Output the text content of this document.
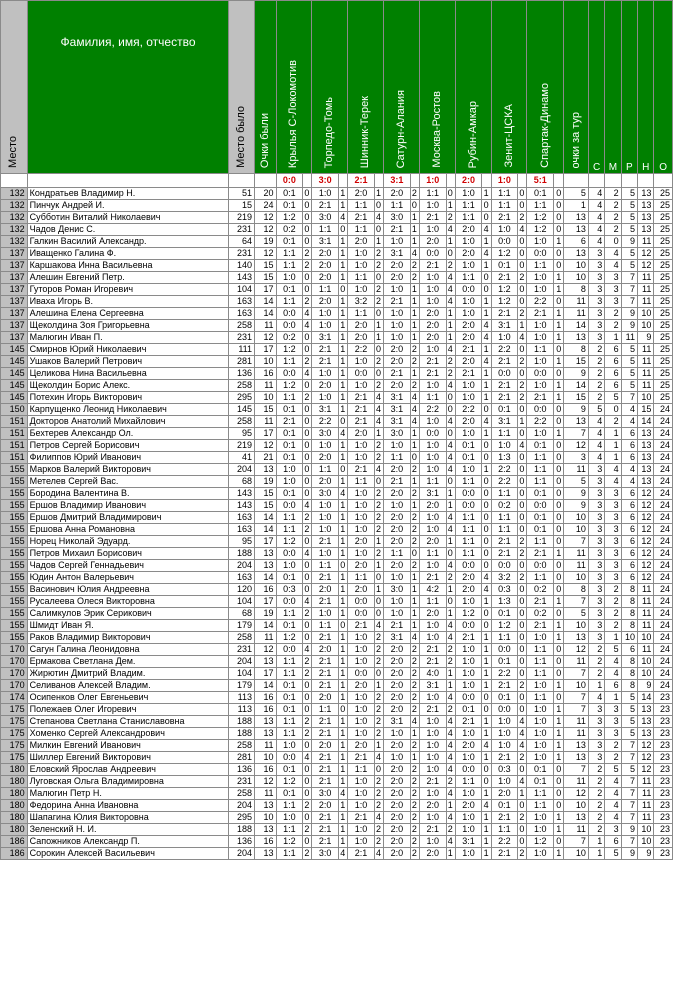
Место	Фамилия, имя, отчество	Место было	Очки были	Крылья С-Локомотив		Торпедо-Томь		Шинник-Терек		Сатурн-Алания		Москва-Ростов		Рубин-Амкар		Зенит-ЦСКА		Спартак-Динамо		очки за тур	С	М	Р	Н	О
				0:0		3:0		2:1		3:1		1:0		2:0		1:0		5:1							
132	Кондратьев Владимир Н.	51	20	0:1	0	1:0	1	2:0	1	2:0	2	1:1	0	1:0	1	1:1	0	0:1	0	5	4	2	5	13	25
132	Пинчук Андрей И.	15	24	0:1	0	2:1	1	1:1	0	1:1	0	1:0	1	1:1	0	1:1	0	1:1	0	1	4	2	5	13	25
132	Субботин Виталий Николаевич	219	12	1:2	0	3:0	4	2:1	4	3:0	1	2:1	2	1:1	0	2:1	2	1:2	0	13	4	2	5	13	25
132	Чадов Денис С.	231	12	0:2	0	1:1	0	1:1	0	2:1	1	1:0	4	2:0	4	1:0	4	1:2	0	13	4	2	5	13	25
132	Галкин Василий Александр.	64	19	0:1	0	3:1	1	2:0	1	1:0	1	2:0	1	1:0	1	0:0	0	1:0	1	6	4	0	9	11	25
137	Иващенко Галина Ф.	231	12	1:1	2	2:0	1	1:0	2	3:1	4	0:0	0	2:0	4	1:2	0	0:0	0	13	3	4	5	12	25
137	Каршакова Инна Васильевна	140	15	1:1	2	2:0	1	1:0	2	2:0	2	2:1	2	1:0	1	0:1	0	1:1	0	10	3	4	5	12	25
137	Алешин Евгений Петр.	143	15	1:0	0	2:0	1	1:1	0	2:0	2	1:0	4	1:1	0	2:1	2	1:0	1	10	3	3	7	11	25
137	Гуторов Роман Игоревич	104	17	0:1	0	1:1	0	1:0	2	1:0	1	1:0	4	0:0	0	1:2	0	1:0	1	8	3	3	7	11	25
137	Иваха Игорь В.	163	14	1:1	2	2:0	1	3:2	2	2:1	1	1:0	4	1:0	1	1:2	0	2:2	0	11	3	3	7	11	25
137	Алешина Елена Сергеевна	163	14	0:0	4	1:0	1	1:1	0	1:0	1	2:0	1	1:0	1	2:1	2	2:1	1	11	3	2	9	10	25
137	Щеколдина Зоя Григорьевна	258	11	0:0	4	1:0	1	2:0	1	1:0	1	2:0	1	2:0	4	3:1	1	1:0	1	14	3	2	9	10	25
137	Малюгин Иван П.	231	12	0:2	0	3:1	1	2:0	1	1:0	1	2:0	1	2:0	4	1:0	4	1:0	1	13	3	1	11	9	25
145	Смирнов Юрий Николаевич	111	17	1:2	0	2:1	1	2:2	0	2:0	2	1:0	4	2:1	1	2:2	0	1:1	0	8	2	6	5	11	25
145	Ушаков Валерий Петрович	281	10	1:1	2	2:1	1	1:0	2	2:0	2	2:1	2	2:0	4	2:1	2	1:0	1	15	2	6	5	11	25
145	Целикова Нина Васильевна	136	16	0:0	4	1:0	1	0:0	0	2:1	1	2:1	2	2:1	1	0:0	0	0:0	0	9	2	6	5	11	25
145	Щеколдин Борис Алекс.	258	11	1:2	0	2:0	1	1:0	2	2:0	2	1:0	4	1:0	1	2:1	2	1:0	1	14	2	6	5	11	25
145	Потехин Игорь Викторович	295	10	1:1	2	1:0	1	2:1	4	3:1	4	1:1	0	1:0	1	2:1	2	2:1	1	15	2	5	7	10	25
150	Карпущенко Леонид Николаевич	145	15	0:1	0	3:1	1	2:1	4	3:1	4	2:2	0	2:2	0	0:1	0	0:0	0	9	5	0	4	15	24
151	Докторов Анатолий Михайлович	258	11	2:1	0	2:2	0	2:1	4	3:1	4	1:0	4	2:0	4	3:1	1	2:2	0	13	4	2	4	14	24
151	Бехтерев Александр Ол.	95	17	0:1	0	3:0	4	2:0	1	3:0	1	0:0	0	1:0	1	1:1	0	1:0	1	7	4	1	6	13	24
151	Петров Сергей Борисович	219	12	0:1	0	1:0	1	1:0	2	1:0	1	1:0	4	0:1	0	1:0	4	0:1	0	12	4	1	6	13	24
151	Филиппов Юрий Иванович	41	21	0:1	0	2:0	1	1:0	2	1:1	0	1:0	4	0:1	0	1:3	0	1:1	0	3	4	1	6	13	24
155	Марков Валерий Викторович	204	13	1:0	0	1:1	0	2:1	4	2:0	2	1:0	4	1:0	1	2:2	0	1:1	0	11	3	4	4	13	24
155	Метелев Сергей Вас.	68	19	1:0	0	2:0	1	1:1	0	2:1	1	1:1	0	1:1	0	2:2	0	1:1	0	5	3	4	4	13	24
155	Бородина Валентина В.	143	15	0:1	0	3:0	4	1:0	2	2:0	2	3:1	1	0:0	0	1:1	0	0:1	0	9	3	3	6	12	24
155	Ершов Владимир Иванович	143	15	0:0	4	1:0	1	1:0	2	1:0	1	2:0	1	0:0	0	0:2	0	0:0	0	9	3	3	6	12	24
155	Ершов Дмитрий Владимирович	163	14	1:1	2	1:0	1	1:0	2	2:0	2	1:0	4	1:1	0	1:1	0	0:1	0	10	3	3	6	12	24
155	Ершова Анна Романовна	163	14	1:1	2	1:0	1	1:0	2	2:0	2	1:0	4	1:1	0	1:1	0	0:1	0	10	3	3	6	12	24
155	Норец Николай Эдуард.	95	17	1:2	0	2:1	1	2:0	1	2:0	2	2:0	1	1:1	0	2:1	2	1:1	0	7	3	3	6	12	24
155	Петров Михаил Борисович	188	13	0:0	4	1:0	1	1:0	2	1:1	0	1:1	0	1:1	0	2:1	2	2:1	1	11	3	3	6	12	24
155	Чадов Сергей Геннадьевич	204	13	1:0	0	1:1	0	2:0	1	2:0	2	1:0	4	0:0	0	0:0	0	0:0	0	11	3	3	6	12	24
155	Юдин Антон Валерьевич	163	14	0:1	0	2:1	1	1:1	0	1:0	1	2:1	2	2:0	4	3:2	2	1:1	0	10	3	3	6	12	24
155	Васинович Юлия Андреевна	120	16	0:3	0	2:0	1	2:0	1	3:0	1	4:2	1	2:0	4	0:3	0	0:2	0	8	3	2	8	11	24
155	Русалеева Олеся Викторовна	104	17	0:0	4	2:1	1	0:0	0	1:0	1	1:1	0	1:0	1	1:3	0	2:1	1	7	3	2	8	11	24
155	Салимкулов Эрик Серикович	68	19	1:1	2	1:0	1	0:0	0	1:0	1	2:0	1	1:2	0	0:1	0	0:2	0	5	3	2	8	11	24
155	Шмидт Иван Я.	179	14	0:1	0	1:1	0	2:1	4	2:1	1	1:0	4	0:0	0	1:2	0	2:1	1	10	3	2	8	11	24
155	Раков Владимир Викторович	258	11	1:2	0	2:1	1	1:0	2	3:1	4	1:0	4	2:1	1	1:1	0	1:0	1	13	3	1	10	10	24
170	Сагун Галина Леонидовна	231	12	0:0	4	2:0	1	1:0	2	2:0	2	2:1	2	1:0	1	0:0	0	1:1	0	12	2	5	6	11	24
170	Ермакова Светлана Дем.	204	13	1:1	2	2:1	1	1:0	2	2:0	2	2:1	2	1:0	1	0:1	0	1:1	0	11	2	4	8	10	24
170	Жирютин Дмитрий Владим.	104	17	1:1	2	2:1	1	0:0	0	2:0	2	4:0	1	1:0	1	2:2	0	1:1	0	7	2	4	8	10	24
170	Селиванов Алексей Владим.	179	14	0:1	0	2:1	1	2:0	1	2:0	2	3:1	1	1:0	1	2:1	2	1:0	1	10	1	6	8	9	24
174	Осипенков Олег Евгеньевич	113	16	0:1	0	2:0	1	1:0	2	2:0	2	1:0	4	0:0	0	0:1	0	1:1	0	7	4	1	5	14	23
175	Полежаев Олег Игоревич	113	16	0:1	0	1:1	0	1:0	2	2:0	2	2:1	2	0:1	0	0:0	0	1:0	1	7	3	3	5	13	23
175	Степанова Светлана Станиславовна	188	13	1:1	2	2:1	1	1:0	2	3:1	4	1:0	4	2:1	1	1:0	4	1:0	1	11	3	3	5	13	23
175	Хоменко Сергей Александрович	188	13	1:1	2	2:1	1	1:0	2	1:0	1	1:0	4	1:0	1	1:0	4	1:0	1	11	3	3	5	13	23
175	Милкин Евгений Иванович	258	11	1:0	0	2:0	1	2:0	1	2:0	2	1:0	4	2:0	4	1:0	4	1:0	1	13	3	2	7	12	23
175	Шиллер Евгений Викторович	281	10	0:0	4	2:1	1	2:1	4	1:0	1	1:0	4	1:0	1	2:1	2	1:0	1	13	3	2	7	12	23
180	Еловский Ярослав Андреевич	136	16	0:1	0	2:1	1	1:1	0	2:0	2	1:0	4	0:0	0	0:3	0	0:1	0	7	2	5	5	12	23
180	Луговская Ольга Владимировна	231	12	1:2	0	2:1	1	1:0	2	2:0	2	2:1	2	1:1	0	1:0	4	0:1	0	11	2	4	7	11	23
180	Малюгин Петр Н.	258	11	0:1	0	3:0	4	1:0	2	2:0	2	1:0	4	1:0	1	2:0	1	1:1	0	12	2	4	7	11	23
180	Федорина Анна Ивановна	204	13	1:1	2	2:0	1	1:0	2	2:0	2	2:0	1	2:0	4	0:1	0	1:1	0	10	2	4	7	11	23
180	Шапагина Юлия Викторовна	295	10	1:0	0	2:1	1	2:1	4	2:0	2	1:0	4	1:0	1	2:1	2	1:0	1	13	2	4	7	11	23
180	Зеленский Н. И.	188	13	1:1	2	2:1	1	1:0	2	2:0	2	2:1	2	1:0	1	1:1	0	1:0	1	11	2	3	9	10	23
186	Сапожников Александр П.	136	16	1:2	0	2:1	1	1:0	2	2:0	2	1:0	4	3:1	1	2:2	0	1:2	0	7	1	6	7	10	23
186	Сорокин Алексей Васильевич	204	13	1:1	2	3:0	4	2:1	4	2:0	2	2:0	1	1:0	1	2:1	2	1:0	1	10	1	5	9	9	23
